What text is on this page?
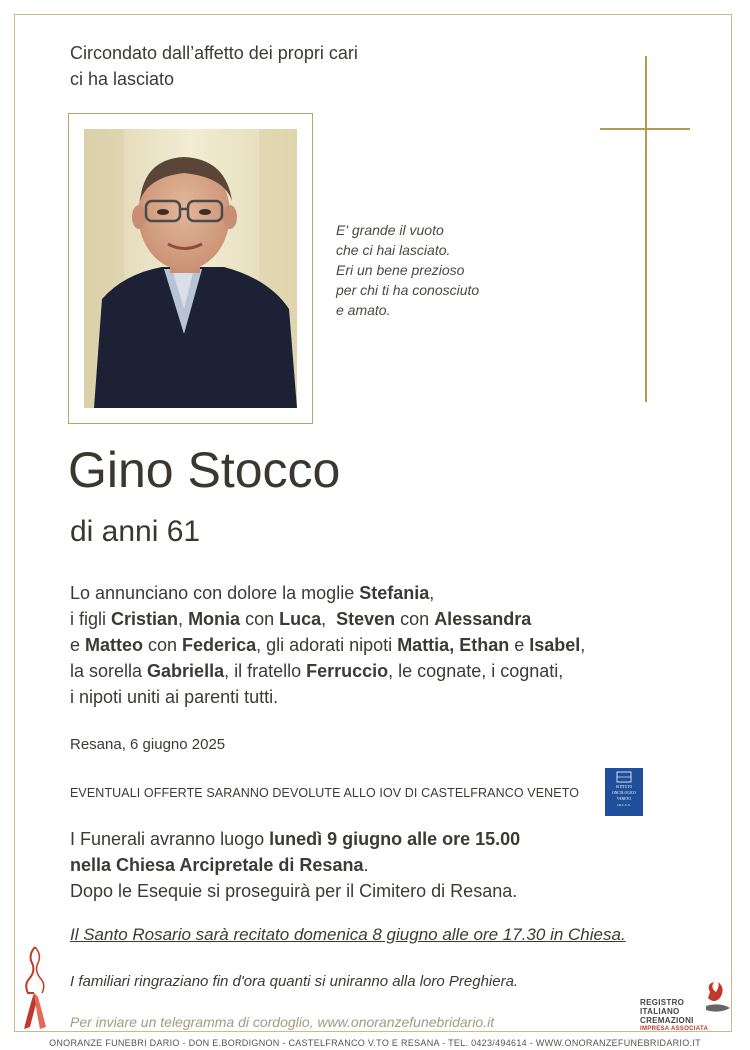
Circondato dall’affetto dei propri cari
ci ha lasciato
E' grande il vuoto
che ci hai lasciato.
Eri un bene prezioso
per chi ti ha conosciuto
e amato.
Gino Stocco
di anni 61
Lo annunciano con dolore la moglie Stefania,
i figli Cristian, Monia con Luca,  Steven con Alessandra
e Matteo con Federica, gli adorati nipoti Mattia, Ethan e Isabel,
la sorella Gabriella, il fratello Ferruccio, le cognate, i cognati,
i nipoti uniti ai parenti tutti.
Resana, 6 giugno 2025
EVENTUALI OFFERTE SARANNO DEVOLUTE ALLO IOV DI CASTELFRANCO VENETO	ISTITUTO
ONCOLOGICO
VENETO
I.R.C.C.S.
I Funerali avranno luogo lunedì 9 giugno alle ore 15.00
nella Chiesa Arcipretale di Resana.
Dopo le Esequie si proseguirà per il Cimitero di Resana.
Il Santo Rosario sarà recitato domenica 8 giugno alle ore 17.30 in Chiesa.
I familiari ringraziano fin d'ora quanti si uniranno alla loro Preghiera.
Per inviare un telegramma di cordoglio, www.onoranzefunebridario.it
ONORANZE FUNEBRI DARIO - DON E.BORDIGNON - CASTELFRANCO V.TO E RESANA - TEL. 0423/494614 - WWW.ONORANZEFUNEBRIDARIO.IT
REGISTRO
ITALIANO
CREMAZIONI
IMPRESA ASSOCIATA
